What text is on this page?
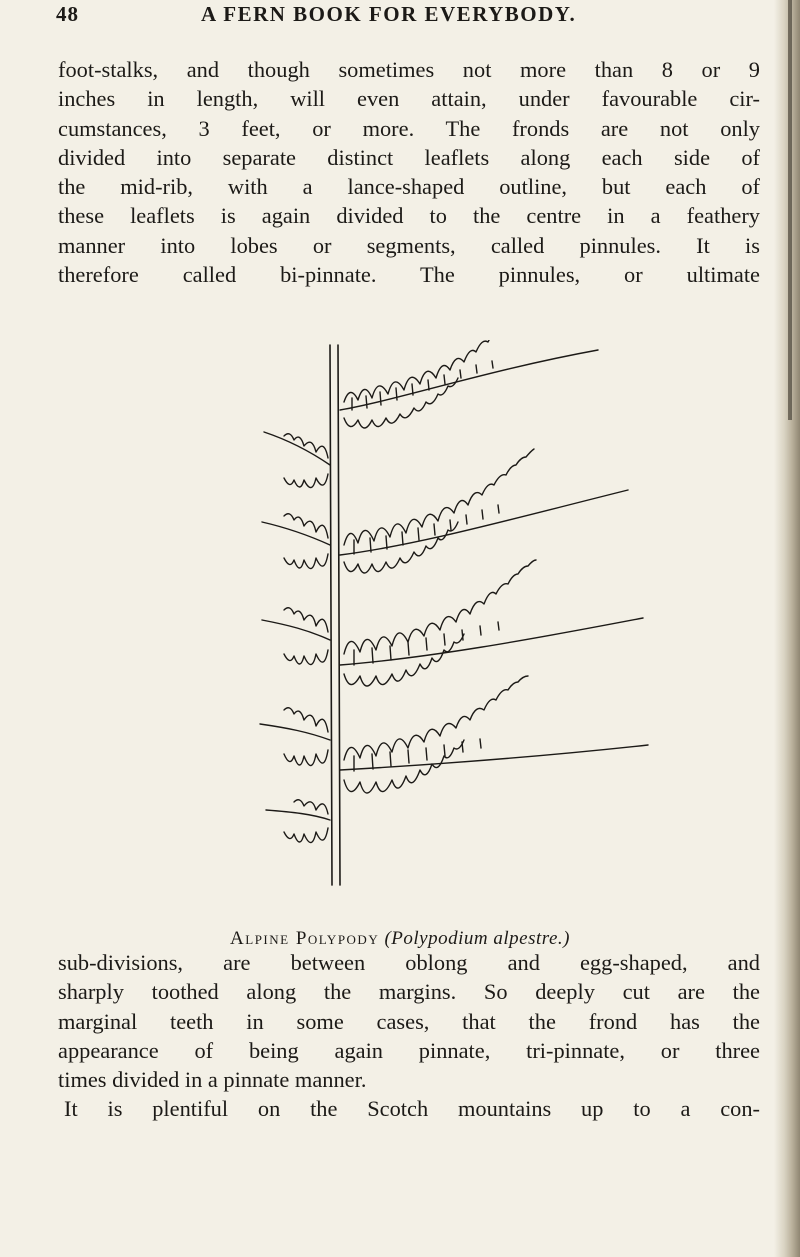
48	A FERN BOOK FOR EVERYBODY.
foot-stalks, and though sometimes not more than 8 or 9
inches in length, will even attain, under favourable cir-
cumstances, 3 feet, or more. The fronds are not only
divided into separate distinct leaflets along each side of
the mid-rib, with a lance-shaped outline, but each of
these leaflets is again divided to the centre in a feathery
manner into lobes or segments, called pinnules. It is
therefore called bi-pinnate. The pinnules, or ultimate
Alpine Polypody (Polypodium alpestre.)
sub-divisions, are between oblong and egg-shaped, and
sharply toothed along the margins. So deeply cut are the
marginal teeth in some cases, that the frond has the
appearance of being again pinnate, tri-pinnate, or three
times divided in a pinnate manner.
It is plentiful on the Scotch mountains up to a con-
